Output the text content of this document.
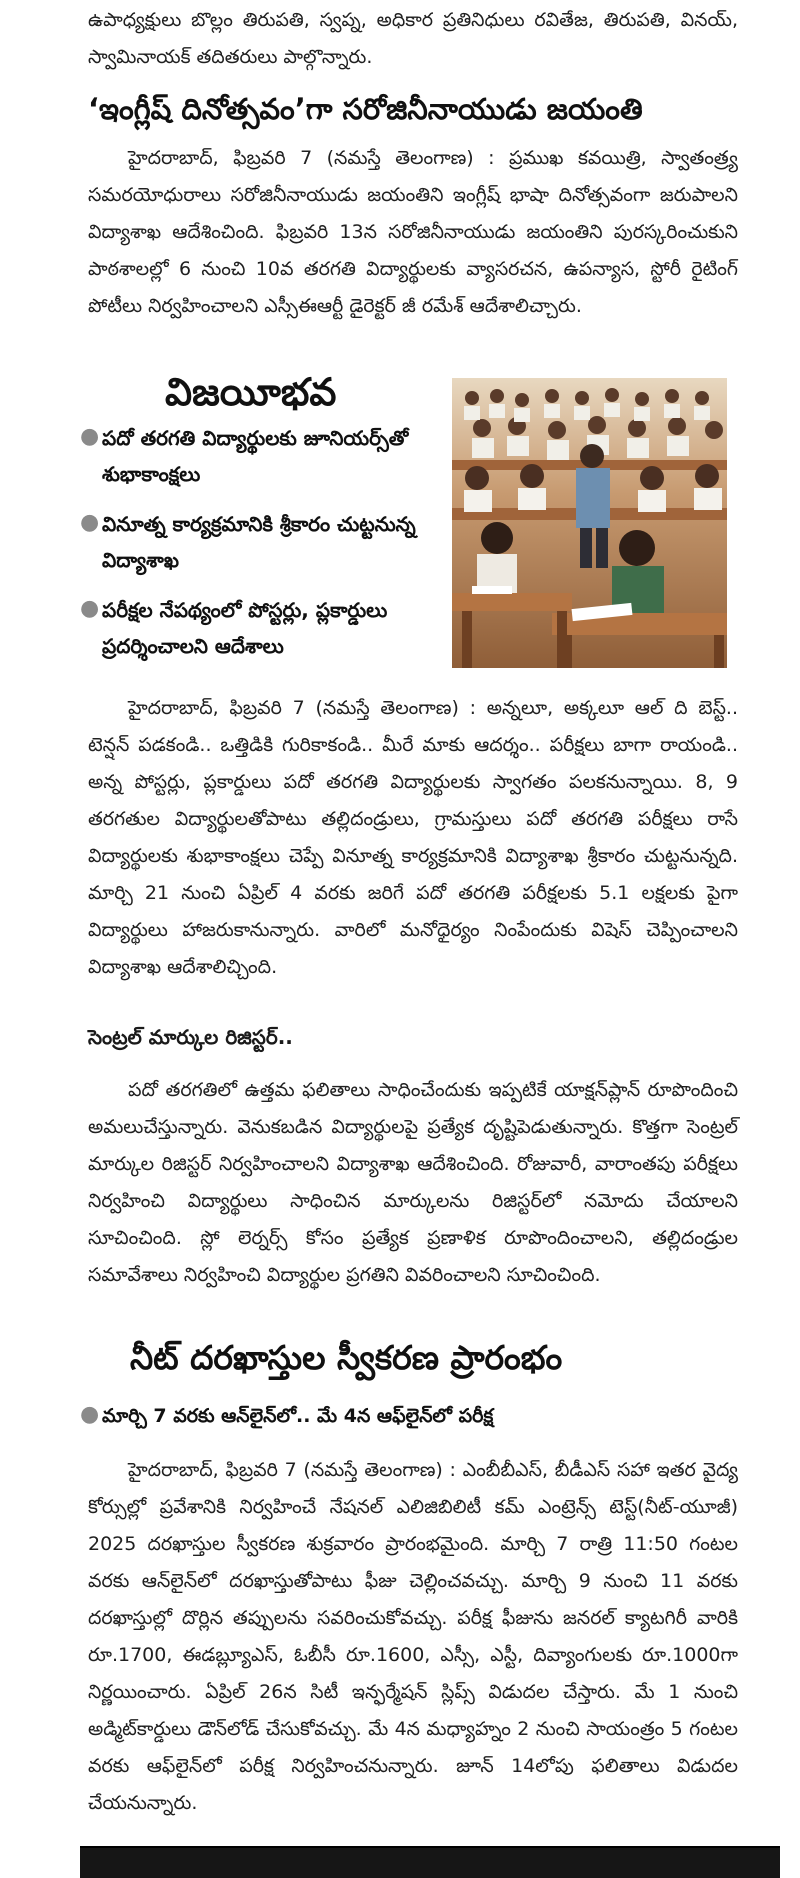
ఉపాధ్యక్షులు బొల్లం తిరుపతి, స్వప్న, అధికార ప్రతినిధులు రవితేజ, తిరుపతి, వినయ్, స్వామినాయక్ తదితరులు పాల్గొన్నారు.

‘ఇంగ్లీష్ దినోత్సవం’గా సరోజినీనాయుడు జయంతి

హైదరాబాద్, ఫిబ్రవరి 7 (నమస్తే తెలంగాణ) : ప్రముఖ కవయిత్రి, స్వాతంత్ర్య సమరయోధురాలు సరోజినీనాయుడు జయంతిని ఇంగ్లీష్ భాషా దినోత్సవంగా జరుపాలని విద్యాశాఖ ఆదేశించింది. ఫిబ్రవరి 13న సరోజినీనాయుడు జయంతిని పురస్కరించుకుని పాఠశాలల్లో 6 నుంచి 10వ తరగతి విద్యార్థులకు వ్యాసరచన, ఉపన్యాస, స్టోరీ రైటింగ్ పోటీలు నిర్వహించాలని ఎస్సీఈఆర్టీ డైరెక్టర్ జీ రమేశ్ ఆదేశాలిచ్చారు.

విజయీభవ
● పదో తరగతి విద్యార్థులకు జూనియర్స్‌తో శుభాకాంక్షలు
● వినూత్న కార్యక్రమానికి శ్రీకారం చుట్టనున్న విద్యాశాఖ
● పరీక్షల నేపథ్యంలో పోస్టర్లు, ప్లకార్డులు ప్రదర్శించాలని ఆదేశాలు

హైదరాబాద్, ఫిబ్రవరి 7 (నమస్తే తెలంగాణ) : అన్నలూ, అక్కలూ ఆల్ ది బెస్ట్.. టెన్షన్ పడకండి.. ఒత్తిడికి గురికాకండి.. మీరే మాకు ఆదర్శం.. పరీక్షలు బాగా రాయండి.. అన్న పోస్టర్లు, ప్లకార్డులు పదో తరగతి విద్యార్థులకు స్వాగతం పలకనున్నాయి. 8, 9 తరగతుల విద్యార్థులతోపాటు తల్లిదండ్రులు, గ్రామస్తులు పదో తరగతి పరీక్షలు రాసే విద్యార్థులకు శుభాకాంక్షలు చెప్పే వినూత్న కార్యక్రమానికి విద్యాశాఖ శ్రీకారం చుట్టనున్నది. మార్చి 21 నుంచి ఏప్రిల్ 4 వరకు జరిగే పదో తరగతి పరీక్షలకు 5.1 లక్షలకు పైగా విద్యార్థులు హాజరుకానున్నారు. వారిలో మనోధైర్యం నింపేందుకు విషెస్ చెప్పించాలని విద్యాశాఖ ఆదేశాలిచ్చింది.

సెంట్రల్ మార్కుల రిజిస్టర్..

పదో తరగతిలో ఉత్తమ ఫలితాలు సాధించేందుకు ఇప్పటికే యాక్షన్‌ప్లాన్ రూపొందించి అమలుచేస్తున్నారు. వెనుకబడిన విద్యార్థులపై ప్రత్యేక దృష్టిపెడుతున్నారు. కొత్తగా సెంట్రల్ మార్కుల రిజిస్టర్ నిర్వహించాలని విద్యాశాఖ ఆదేశించింది. రోజువారీ, వారాంతపు పరీక్షలు నిర్వహించి విద్యార్థులు సాధించిన మార్కులను రిజిస్టర్‌లో నమోదు చేయాలని సూచించింది. స్లో లెర్నర్స్ కోసం ప్రత్యేక ప్రణాళిక రూపొందించాలని, తల్లిదండ్రుల సమావేశాలు నిర్వహించి విద్యార్థుల ప్రగతిని వివరించాలని సూచించింది.

నీట్ దరఖాస్తుల స్వీకరణ ప్రారంభం
● మార్చి 7 వరకు ఆన్‌లైన్‌లో.. మే 4న ఆఫ్‌లైన్‌లో పరీక్ష

హైదరాబాద్, ఫిబ్రవరి 7 (నమస్తే తెలంగాణ) : ఎంబీబీఎస్, బీడీఎస్ సహా ఇతర వైద్య కోర్సుల్లో ప్రవేశానికి నిర్వహించే నేషనల్ ఎలిజిబిలిటీ కమ్ ఎంట్రెన్స్ టెస్ట్(నీట్-యూజీ) 2025 దరఖాస్తుల స్వీకరణ శుక్రవారం ప్రారంభమైంది. మార్చి 7 రాత్రి 11:50 గంటల వరకు ఆన్‌లైన్‌లో దరఖాస్తుతోపాటు ఫీజు చెల్లించవచ్చు. మార్చి 9 నుంచి 11 వరకు దరఖాస్తుల్లో దొర్లిన తప్పులను సవరించుకోవచ్చు. పరీక్ష ఫీజును జనరల్ క్యాటగిరీ వారికి రూ.1700, ఈడబ్ల్యూఎస్, ఓబీసీ రూ.1600, ఎస్సీ, ఎస్టీ, దివ్యాంగులకు రూ.1000గా నిర్ణయించారు. ఏప్రిల్ 26న సిటీ ఇన్ఫర్మేషన్ స్లిప్స్ విడుదల చేస్తారు. మే 1 నుంచి అడ్మిట్‌కార్డులు డౌన్‌లోడ్ చేసుకోవచ్చు. మే 4న మధ్యాహ్నం 2 నుంచి సాయంత్రం 5 గంటల వరకు ఆఫ్‌లైన్‌లో పరీక్ష నిర్వహించనున్నారు. జూన్ 14లోపు ఫలితాలు విడుదల చేయనున్నారు.
